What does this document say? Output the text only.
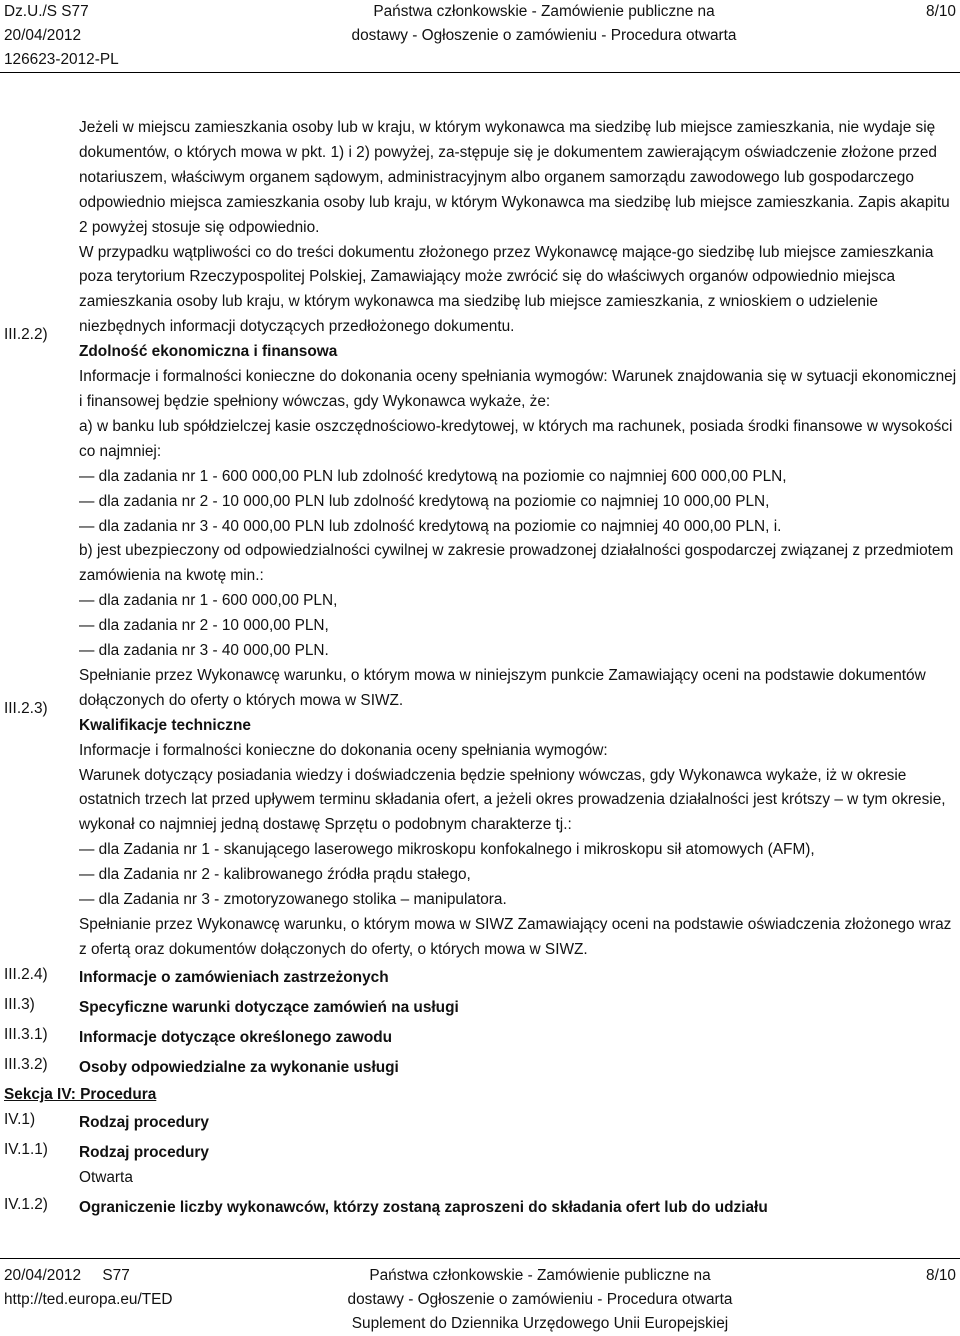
Dz.U./S S77
20/04/2012
126623-2012-PL
Państwa członkowskie - Zamówienie publiczne na
dostawy - Ogłoszenie o zamówieniu - Procedura otwarta
8/10

Jeżeli w miejscu zamieszkania osoby lub w kraju, w którym wykonawca ma siedzibę lub miejsce zamieszkania, nie wydaje się dokumentów, o których mowa w pkt. 1) i 2) powyżej, za-stępuje się je dokumentem zawierającym oświadczenie złożone przed notariuszem, właściwym organem sądowym, administracyjnym albo organem samorządu zawodowego lub gospodarczego odpowiednio miejsca zamieszkania osoby lub kraju, w którym Wykonawca ma siedzibę lub miejsce zamieszkania. Zapis akapitu 2 powyżej stosuje się odpowiednio.

W przypadku wątpliwości co do treści dokumentu złożonego przez Wykonawcę mające-go siedzibę lub miejsce zamieszkania poza terytorium Rzeczypospolitej Polskiej, Zamawiający może zwrócić się do właściwych organów odpowiednio miejsca zamieszkania osoby lub kraju, w którym wykonawca ma siedzibę lub miejsce zamieszkania, z wnioskiem o udzielenie niezbędnych informacji dotyczących przedłożonego dokumentu.

III.2.2)

Zdolność ekonomiczna i finansowa

Informacje i formalności konieczne do dokonania oceny spełniania wymogów: Warunek znajdowania się w sytuacji ekonomicznej i finansowej będzie spełniony wówczas, gdy Wykonawca wykaże, że:

a) w banku lub spółdzielczej kasie oszczędnościowo-kredytowej, w których ma rachunek, posiada środki finansowe w wysokości co najmniej:

— dla zadania nr 1 - 600 000,00 PLN lub zdolność kredytową na poziomie co najmniej 600 000,00 PLN,

— dla zadania nr 2 - 10 000,00 PLN lub zdolność kredytową na poziomie co najmniej 10 000,00 PLN,

— dla zadania nr 3 - 40 000,00 PLN lub zdolność kredytową na poziomie co najmniej 40 000,00 PLN, i.

b) jest ubezpieczony od odpowiedzialności cywilnej w zakresie prowadzonej działalności gospodarczej związanej z przedmiotem zamówienia na kwotę min.:

— dla zadania nr 1 - 600 000,00 PLN,

— dla zadania nr 2 - 10 000,00 PLN,

— dla zadania nr 3 - 40 000,00 PLN.

Spełnianie przez Wykonawcę warunku, o którym mowa w niniejszym punkcie Zamawiający oceni na podstawie dokumentów dołączonych do oferty o których mowa w SIWZ.

III.2.3)

Kwalifikacje techniczne

Informacje i formalności konieczne do dokonania oceny spełniania wymogów:

Warunek dotyczący posiadania wiedzy i doświadczenia będzie spełniony wówczas, gdy Wykonawca wykaże, iż w okresie ostatnich trzech lat przed upływem terminu składania ofert, a jeżeli okres prowadzenia działalności jest krótszy – w tym okresie, wykonał co najmniej jedną dostawę Sprzętu o podobnym charakterze tj.:

— dla Zadania nr 1 - skanującego laserowego mikroskopu konfokalnego i mikroskopu sił atomowych (AFM),

— dla Zadania nr 2 - kalibrowanego źródła prądu stałego,

— dla Zadania nr 3 - zmotoryzowanego stolika – manipulatora.

Spełnianie przez Wykonawcę warunku, o którym mowa w SIWZ Zamawiający oceni na podstawie oświadczenia złożonego wraz z ofertą oraz dokumentów dołączonych do oferty, o których mowa w SIWZ.

III.2.4) Informacje o zamówieniach zastrzeżonych

III.3)	Specyficzne warunki dotyczące zamówień na usługi

III.3.1) Informacje dotyczące określonego zawodu

III.3.2) Osoby odpowiedzialne za wykonanie usługi

Sekcja IV: Procedura
IV.1)	Rodzaj procedury

IV.1.1) Rodzaj procedury

Otwarta

IV.1.2) Ograniczenie liczby wykonawców, którzy zostaną zaproszeni do składania ofert lub do udziału

20/04/2012 S77
http://ted.europa.eu/TED
Państwa członkowskie - Zamówienie publiczne na
dostawy - Ogłoszenie o zamówieniu - Procedura otwarta
Suplement do Dziennika Urzędowego Unii Europejskiej
8/10
